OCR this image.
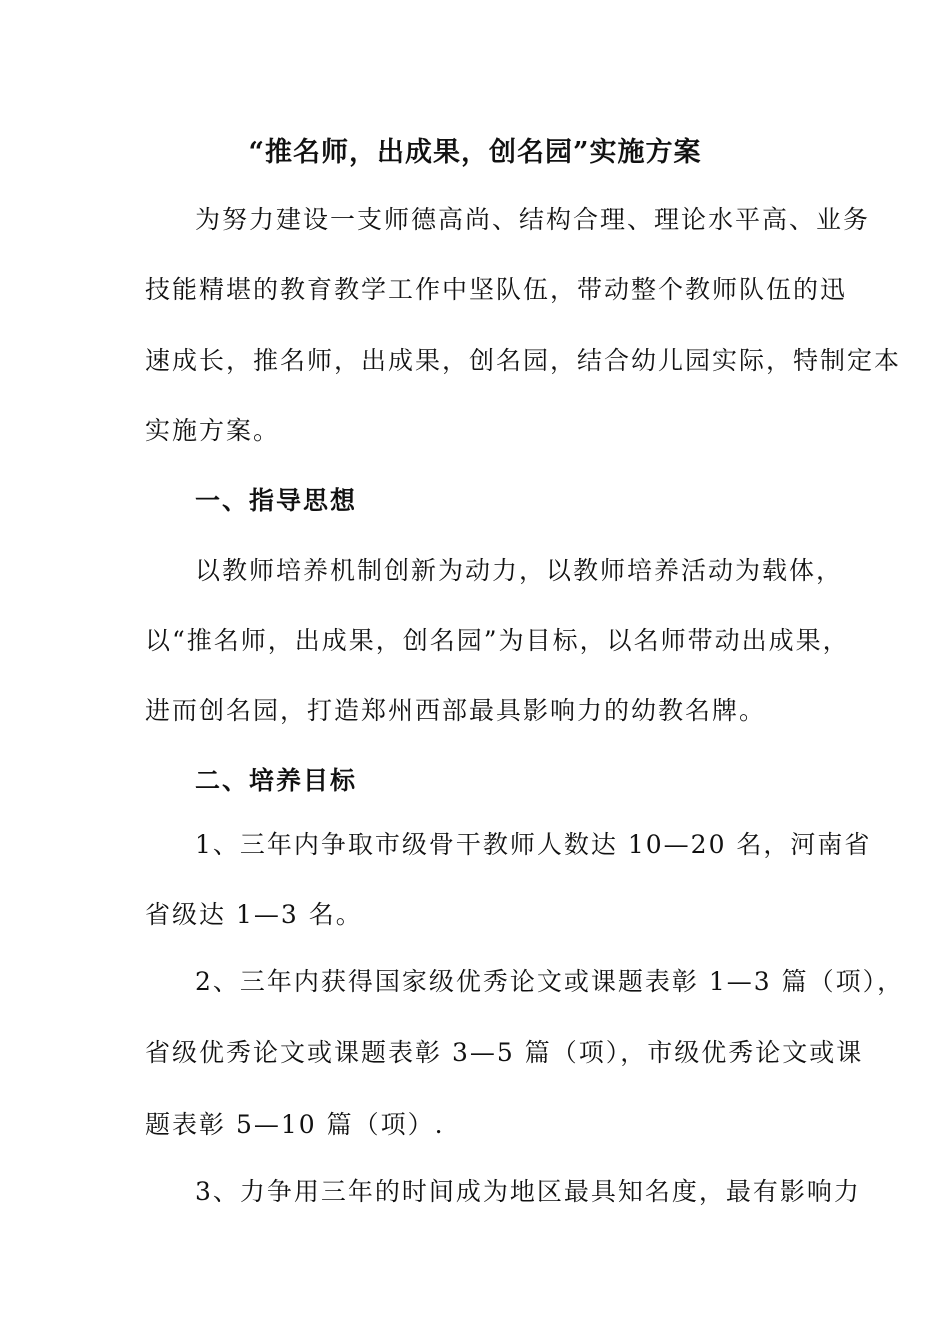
“推名师，出成果，创名园”实施方案
为努力建设一支师德高尚、结构合理、理论水平高、业务
技能精堪的教育教学工作中坚队伍，带动整个教师队伍的迅
速成长，推名师，出成果，创名园，结合幼儿园实际，特制定本
实施方案。
一、指导思想
以教师培养机制创新为动力，以教师培养活动为载体，
以“推名师，出成果，创名园”为目标，以名师带动出成果，
进而创名园，打造郑州西部最具影响力的幼教名牌。
二、培养目标
1、三年内争取市级骨干教师人数达 10—20 名，河南省
省级达 1—3 名。
2、三年内获得国家级优秀论文或课题表彰 1—3 篇（项），
省级优秀论文或课题表彰 3—5 篇（项），市级优秀论文或课
题表彰 5—10 篇（项）.
3、力争用三年的时间成为地区最具知名度，最有影响力
